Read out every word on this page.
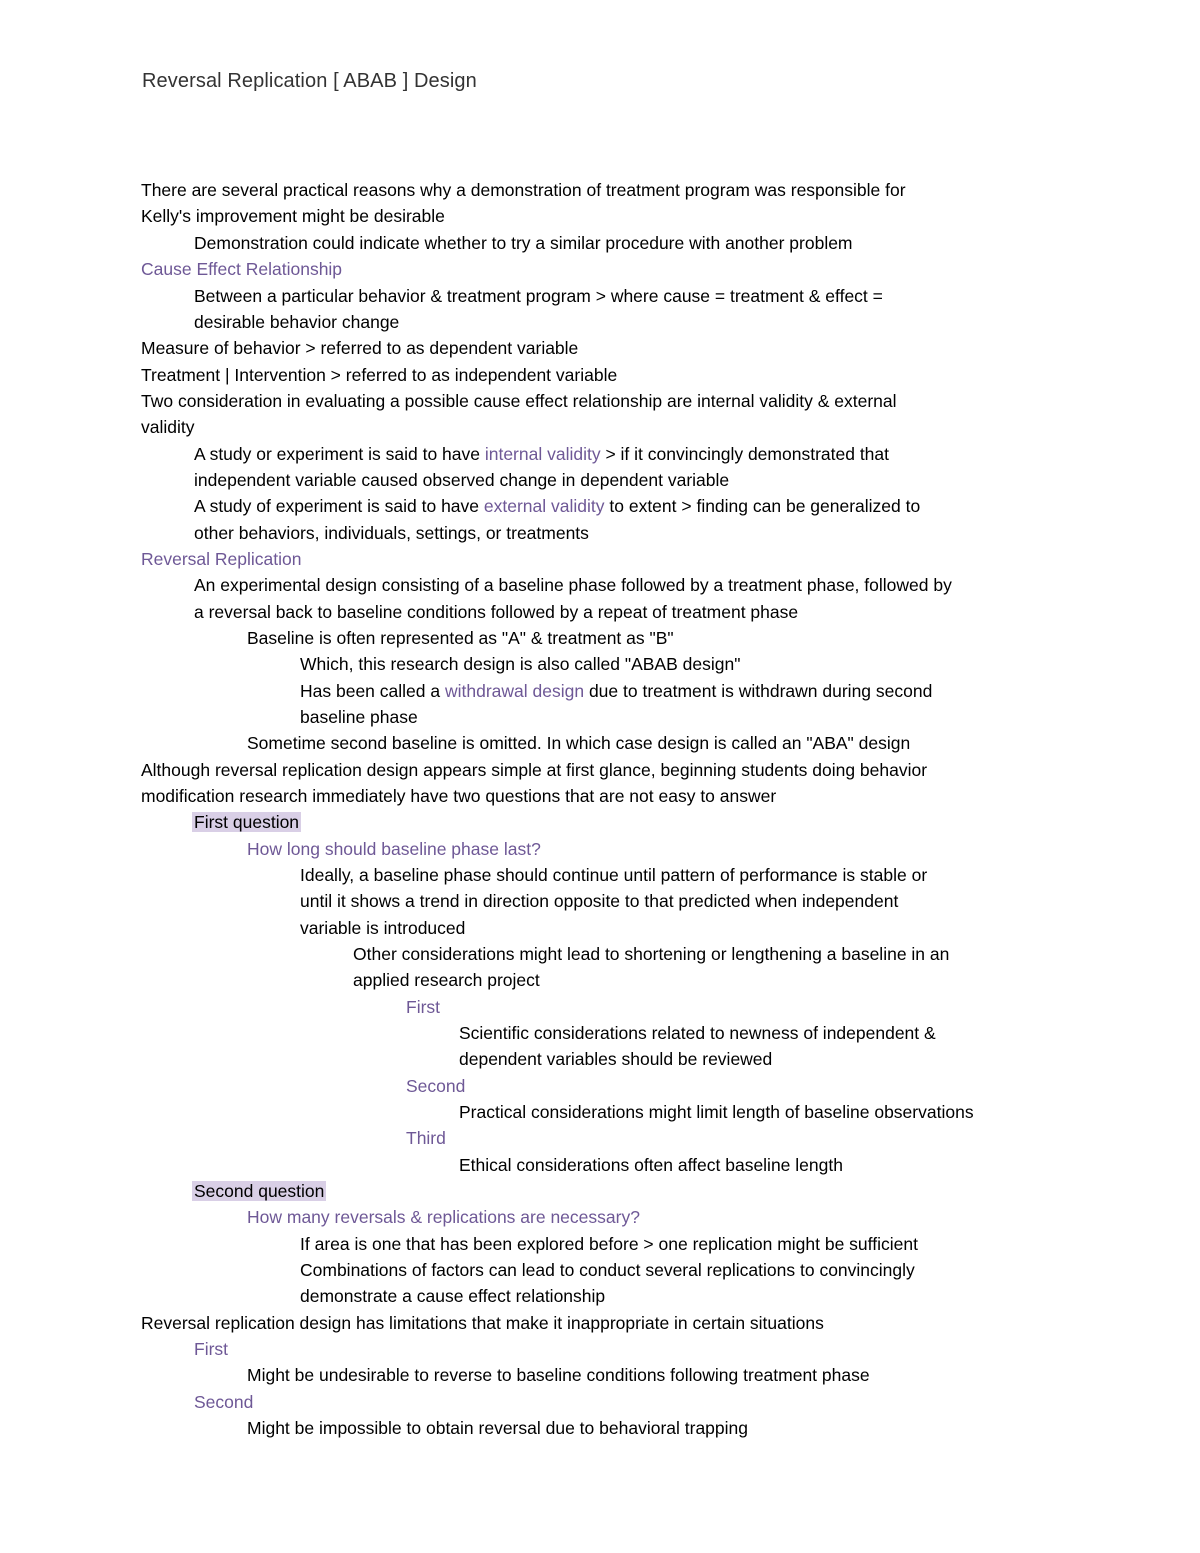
Reversal Replication [ ABAB ] Design
There are several practical reasons why a demonstration of treatment program was responsible for
Kelly's improvement might be desirable
Demonstration could indicate whether to try a similar procedure with another problem
Cause Effect Relationship
Between a particular behavior & treatment program > where cause = treatment & effect =
desirable behavior change
Measure of behavior > referred to as dependent variable
Treatment | Intervention > referred to as independent variable
Two consideration in evaluating a possible cause effect relationship are internal validity & external
validity
A study or experiment is said to have internal validity > if it convincingly demonstrated that
independent variable caused observed change in dependent variable
A study of experiment is said to have external validity to extent > finding can be generalized to
other behaviors, individuals, settings, or treatments
Reversal Replication
An experimental design consisting of a baseline phase followed by a treatment phase, followed by
a reversal back to baseline conditions followed by a repeat of treatment phase
Baseline is often represented as "A" & treatment as "B"
Which, this research design is also called "ABAB design"
Has been called a withdrawal design due to treatment is withdrawn during second
baseline phase
Sometime second baseline is omitted. In which case design is called an "ABA" design
Although reversal replication design appears simple at first glance, beginning students doing behavior
modification research immediately have two questions that are not easy to answer
First question
How long should baseline phase last?
Ideally, a baseline phase should continue until pattern of performance is stable or
until it shows a trend in direction opposite to that predicted when independent
variable is introduced
Other considerations might lead to shortening or lengthening a baseline in an
applied research project
First
Scientific considerations related to newness of independent &
dependent variables should be reviewed
Second
Practical considerations might limit length of baseline observations
Third
Ethical considerations often affect baseline length
Second question
How many reversals & replications are necessary?
If area is one that has been explored before > one replication might be sufficient
Combinations of factors can lead to conduct several replications to convincingly
demonstrate a cause effect relationship
Reversal replication design has limitations that make it inappropriate in certain situations
First
Might be undesirable to reverse to baseline conditions following treatment phase
Second
Might be impossible to obtain reversal due to behavioral trapping
